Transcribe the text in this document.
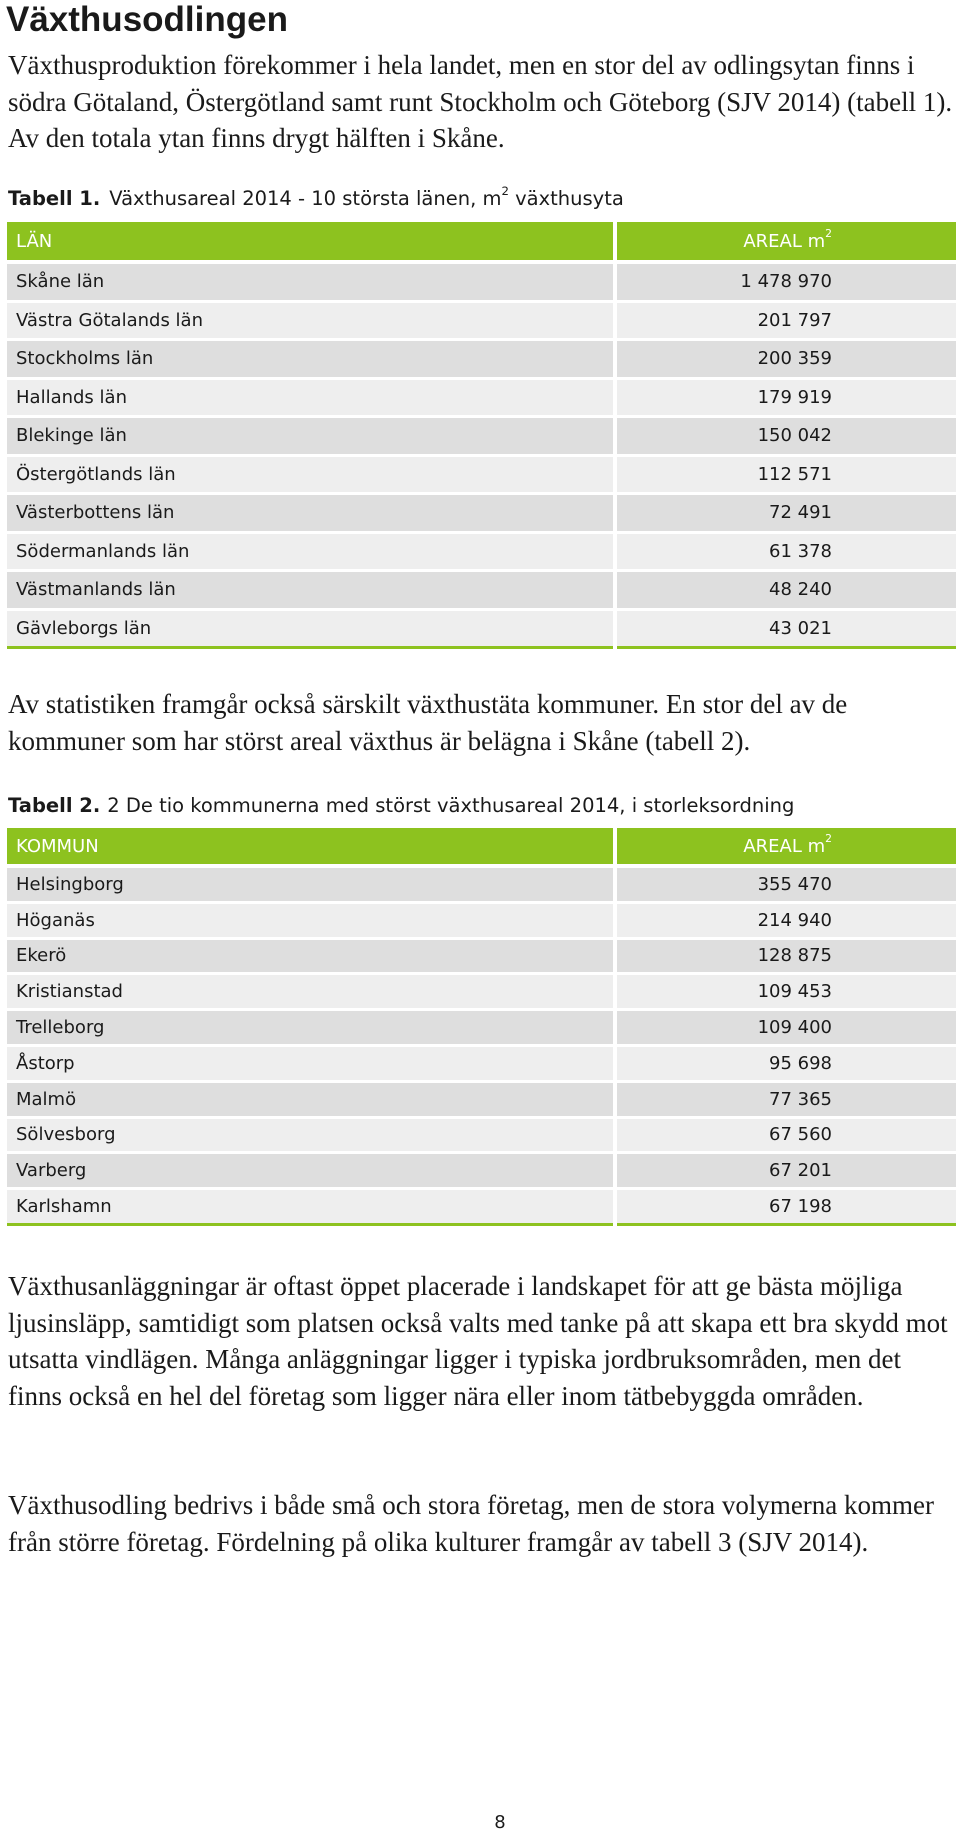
Växthusodlingen

Växthusproduktion förekommer i hela landet, men en stor del av odlingsytan finns i södra Götaland, Östergötland samt runt Stockholm och Göteborg (SJV 2014) (tabell 1). Av den totala ytan finns drygt hälften i Skåne.

Tabell 1. Växthusareal 2014 - 10 största länen, $m^2$ växthusyta

LÄN	AREAL $m^2$
Skåne län	1 478 970
Västra Götalands län	201 797
Stockholms län	200 359
Hallands län	179 919
Blekinge län	150 042
Östergötlands län	112 571
Västerbottens län	72 491
Södermanlands län	61 378
Västmanlands län	48 240
Gävleborgs län	43 021

Av statistiken framgår också särskilt växthustäta kommuner. En stor del av de kommuner som har störst areal växthus är belägna i Skåne (tabell 2).

Tabell 2. 2 De tio kommunerna med störst växthusareal 2014, i storleksordning

KOMMUN	AREAL $m^2$
Helsingborg	355 470
Höganäs	214 940
Ekerö	128 875
Kristianstad	109 453
Trelleborg	109 400
Åstorp	95 698
Malmö	77 365
Sölvesborg	67 560
Varberg	67 201
Karlshamn	67 198

Växthusanläggningar är oftast öppet placerade i landskapet för att ge bästa möjliga ljusinsläpp, samtidigt som platsen också valts med tanke på att skapa ett bra skydd mot utsatta vindlägen. Många anläggningar ligger i typiska jordbruksområden, men det finns också en hel del företag som ligger nära eller inom tätbebyggda områden.

Växthusodling bedrivs i både små och stora företag, men de stora volymerna kommer från större företag. Fördelning på olika kulturer framgår av tabell 3 (SJV 2014).

8
